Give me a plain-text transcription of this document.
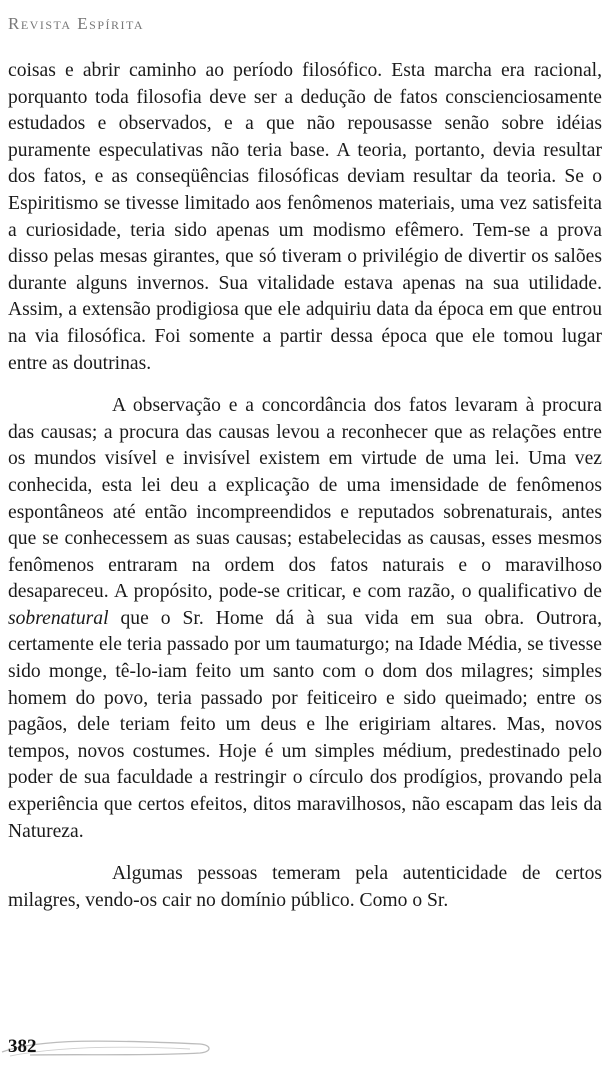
Revista Espírita

coisas e abrir caminho ao período filosófico. Esta marcha era racional, porquanto toda filosofia deve ser a dedução de fatos conscienciosamente estudados e observados, e a que não repousasse senão sobre idéias puramente especulativas não teria base. A teoria, portanto, devia resultar dos fatos, e as conseqüências filosóficas deviam resultar da teoria. Se o Espiritismo se tivesse limitado aos fenômenos materiais, uma vez satisfeita a curiosidade, teria sido apenas um modismo efêmero. Tem-se a prova disso pelas mesas girantes, que só tiveram o privilégio de divertir os salões durante alguns invernos. Sua vitalidade estava apenas na sua utilidade. Assim, a extensão prodigiosa que ele adquiriu data da época em que entrou na via filosófica. Foi somente a partir dessa época que ele tomou lugar entre as doutrinas.

A observação e a concordância dos fatos levaram à procura das causas; a procura das causas levou a reconhecer que as relações entre os mundos visível e invisível existem em virtude de uma lei. Uma vez conhecida, esta lei deu a explicação de uma imensidade de fenômenos espontâneos até então incompreendidos e reputados sobrenaturais, antes que se conhecessem as suas causas; estabelecidas as causas, esses mesmos fenômenos entraram na ordem dos fatos naturais e o maravilhoso desapareceu. A propósito, pode-se criticar, e com razão, o qualificativo de sobrenatural que o Sr. Home dá à sua vida em sua obra. Outrora, certamente ele teria passado por um taumaturgo; na Idade Média, se tivesse sido monge, tê-lo-iam feito um santo com o dom dos milagres; simples homem do povo, teria passado por feiticeiro e sido queimado; entre os pagãos, dele teriam feito um deus e lhe erigiriam altares. Mas, novos tempos, novos costumes. Hoje é um simples médium, predestinado pelo poder de sua faculdade a restringir o círculo dos prodígios, provando pela experiência que certos efeitos, ditos maravilhosos, não escapam das leis da Natureza.

Algumas pessoas temeram pela autenticidade de certos milagres, vendo-os cair no domínio público. Como o Sr.

382
